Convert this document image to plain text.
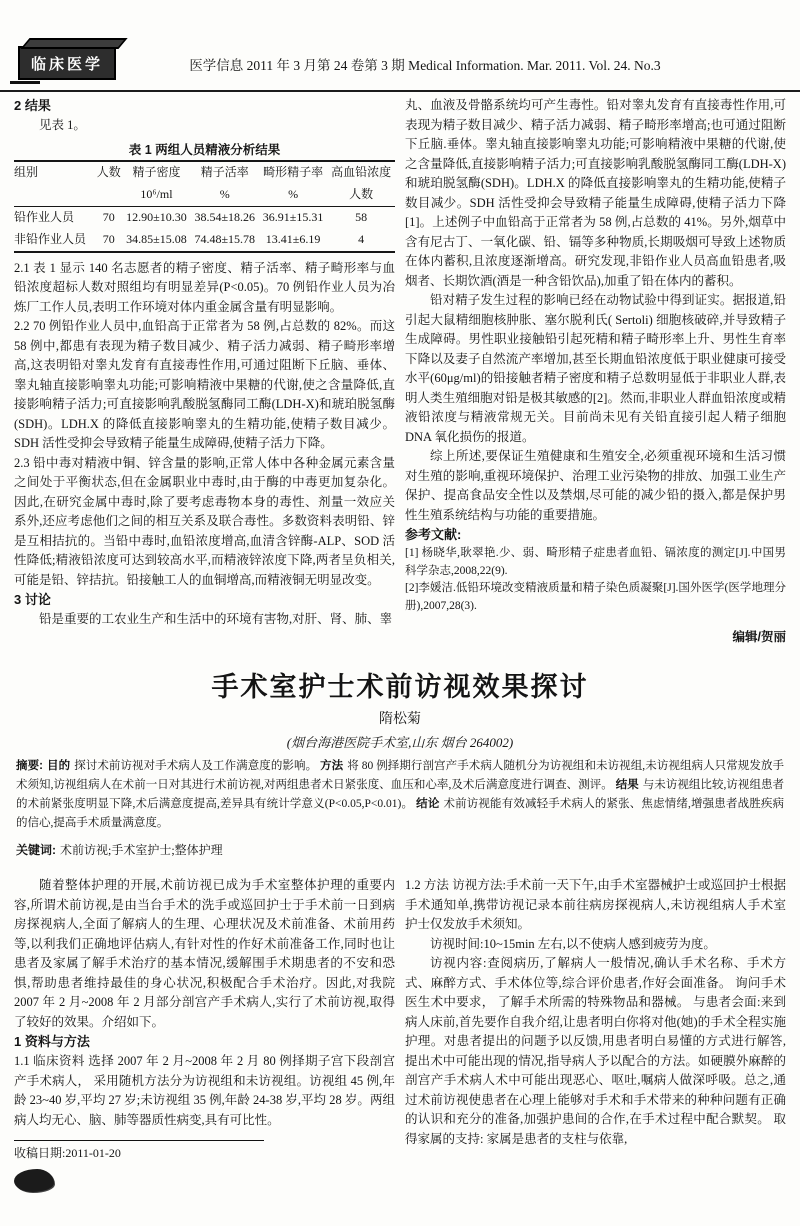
临床医学	医学信息 2011 年 3 月第 24 卷第 3 期 Medical Information. Mar. 2011. Vol. 24. No.3

2 结果

见表 1。

表 1 两组人员精液分析结果

组别	人数	精子密度	精子活率	畸形精子率	高血铅浓度
		10⁶/ml	%	%	人数
铅作业人员	70	12.90±10.30	38.54±18.26	36.91±15.31	58
非铅作业人员	70	34.85±15.08	74.48±15.78	13.41±6.19	4

2.1 表 1 显示 140 名志愿者的精子密度、精子活率、精子畸形率与血铅浓度超标人数对照组均有明显差异(P<0.05)。70 例铅作业人员为冶炼厂工作人员,表明工作环境对体内重金属含量有明显影响。

2.2 70 例铅作业人员中,血铅高于正常者为 58 例,占总数的 82%。而这 58 例中,都患有表现为精子数目减少、精子活力减弱、精子畸形率增高,这表明铅对睾丸发育有直接毒性作用,可通过阻断下丘脑、垂体、睾丸轴直接影响睾丸功能;可影响精液中果糖的代谢,使之含量降低,直接影响精子活力;可直接影响乳酸脱氢酶同工酶(LDH-X)和琥珀脱氢酶(SDH)。LDH.X 的降低直接影响睾丸的生精功能,使精子数目减少。SDH 活性受抑会导致精子能量生成障碍,使精子活力下降。

2.3 铅中毒对精液中铜、锌含量的影响,正常人体中各种金属元素含量之间处于平衡状态,但在金属职业中毒时,由于酶的中毒更加复杂化。因此,在研究金属中毒时,除了要考虑毒物本身的毒性、剂量一效应关系外,还应考虑他们之间的相互关系及联合毒性。多数资料表明铅、锌是互相拮抗的。当铅中毒时,血铅浓度增高,血清含锌酶-ALP、SOD 活性降低;精液铅浓度可达到较高水平,而精液锌浓度下降,两者呈负相关,可能是铅、锌拮抗。铅接触工人的血铜增高,而精液铜无明显改变。

3 讨论

铅是重要的工农业生产和生活中的环境有害物,对肝、肾、肺、睾

丸、血液及骨骼系统均可产生毒性。铅对睾丸发育有直接毒性作用,可表现为精子数目减少、精子活力减弱、精子畸形率增高;也可通过阻断下丘脑.垂体。睾丸轴直接影响睾丸功能;可影响精液中果糖的代谢,使之含量降低,直接影响精子活力;可直接影响乳酸脱氢酶同工酶(LDH-X)和琥珀脱氢酶(SDH)。LDH.X 的降低直接影响睾丸的生精功能,使精子数目减少。SDH 活性受抑会导致精子能量生成障碍,使精子活力下降[1]。上述例子中血铅高于正常者为 58 例,占总数的 41%。另外,烟草中含有尼古丁、一氧化碳、铅、镉等多种物质,长期吸烟可导致上述物质在体内蓄积,且浓度逐渐增高。研究发现,非铅作业人员高血铅患者,吸烟者、长期饮酒(酒是一种含铅饮品),加重了铅在体内的蓄积。

铅对精子发生过程的影响已经在动物试验中得到证实。据报道,铅引起大鼠精细胞核肿胀、塞尔脱利氏( Sertoli) 细胞核破碎,并导致精子生成障碍。男性职业接触铅引起死精和精子畸形率上升、男性生育率下降以及妻子自然流产率增加,甚至长期血铅浓度低于职业健康可接受水平(60μg/ml)的铅接触者精子密度和精子总数明显低于非职业人群,表明人类生殖细胞对铅是极其敏感的[2]。然而,非职业人群血铅浓度或精液铅浓度与精液常规无关。目前尚未见有关铅直接引起人精子细胞 DNA 氧化损伤的报道。

综上所述,要保证生殖健康和生殖安全,必须重视环境和生活习惯对生殖的影响,重视环境保护、治理工业污染物的排放、加强工业生产保护、提高食品安全性以及禁烟,尽可能的减少铅的摄入,都是保护男性生殖系统结构与功能的重要措施。

参考文献:

[1] 杨晓华,耿翠艳.少、弱、畸形精子症患者血铅、镉浓度的测定[J].中国男科学杂志,2008,22(9).

[2]李媛洁.低铅环境改变精液质量和精子染色质凝聚[J].国外医学(医学地理分册),2007,28(3).

编辑/贺丽

手术室护士术前访视效果探讨

隋松菊

(烟台海港医院手术室,山东 烟台 264002)

摘要: 目的 探讨术前访视对手术病人及工作满意度的影响。 方法 将 80 例择期行剖宫产手术病人随机分为访视组和未访视组,未访视组病人只常规发放手术须知,访视组病人在术前一日对其进行术前访视,对两组患者术日紧张度、血压和心率,及术后满意度进行调查、测评。 结果 与未访视组比较,访视组患者的术前紧张度明显下降,术后满意度提高,差异具有统计学意义(P<0.05,P<0.01)。 结论 术前访视能有效减轻手术病人的紧张、焦虑情绪,增强患者战胜疾病的信心,提高手术质量满意度。

关键词: 术前访视;手术室护士;整体护理

随着整体护理的开展,术前访视已成为手术室整体护理的重要内容,所谓术前访视,是由当台手术的洗手或巡回护士于手术前一日到病房探视病人,全面了解病人的生理、心理状况及术前准备、术前用药等,以利我们正确地评估病人,有针对性的作好术前准备工作,同时也让患者及家属了解手术治疗的基本情况,缓解围手术期患者的不安和恐惧,帮助患者维持最佳的身心状况,积极配合手术治疗。因此,对我院 2007 年 2 月~2008 年 2 月部分剖宫产手术病人,实行了术前访视,取得了较好的效果。介绍如下。

1 资料与方法

1.1 临床资料 选择 2007 年 2 月~2008 年 2 月 80 例择期子宫下段剖宫产手术病人， 采用随机方法分为访视组和未访视组。访视组 45 例,年龄 23~40 岁,平均 27 岁;未访视组 35 例,年龄 24-38 岁,平均 28 岁。两组病人均无心、脑、肺等器质性病变,具有可比性。

收稿日期:2011-01-20

1.2 方法 访视方法:手术前一天下午,由手术室器械护士或巡回护士根据手术通知单,携带访视记录本前往病房探视病人,未访视组病人手术室护士仅发放手术须知。

访视时间:10~15min 左右,以不使病人感到疲劳为度。

访视内容:查阅病历,了解病人一般情况,确认手术名称、手术方式、麻醉方式、手术体位等,综合评价患者,作好会面准备。 询问手术医生术中要求， 了解手术所需的特殊物品和器械。 与患者会面:来到病人床前,首先要作自我介绍,让患者明白你将对他(她)的手术全程实施护理。对患者提出的问题予以反馈,用患者明白易懂的方式进行解答,提出术中可能出现的情况,指导病人予以配合的方法。如硬膜外麻醉的剖宫产手术病人术中可能出现恶心、呕吐,嘱病人做深呼吸。总之,通过术前访视使患者在心理上能够对手术和手术带来的种种问题有正确的认识和充分的准备,加强护患间的合作,在手术过程中配合默契。 取得家属的支持: 家属是患者的支柱与依靠,
